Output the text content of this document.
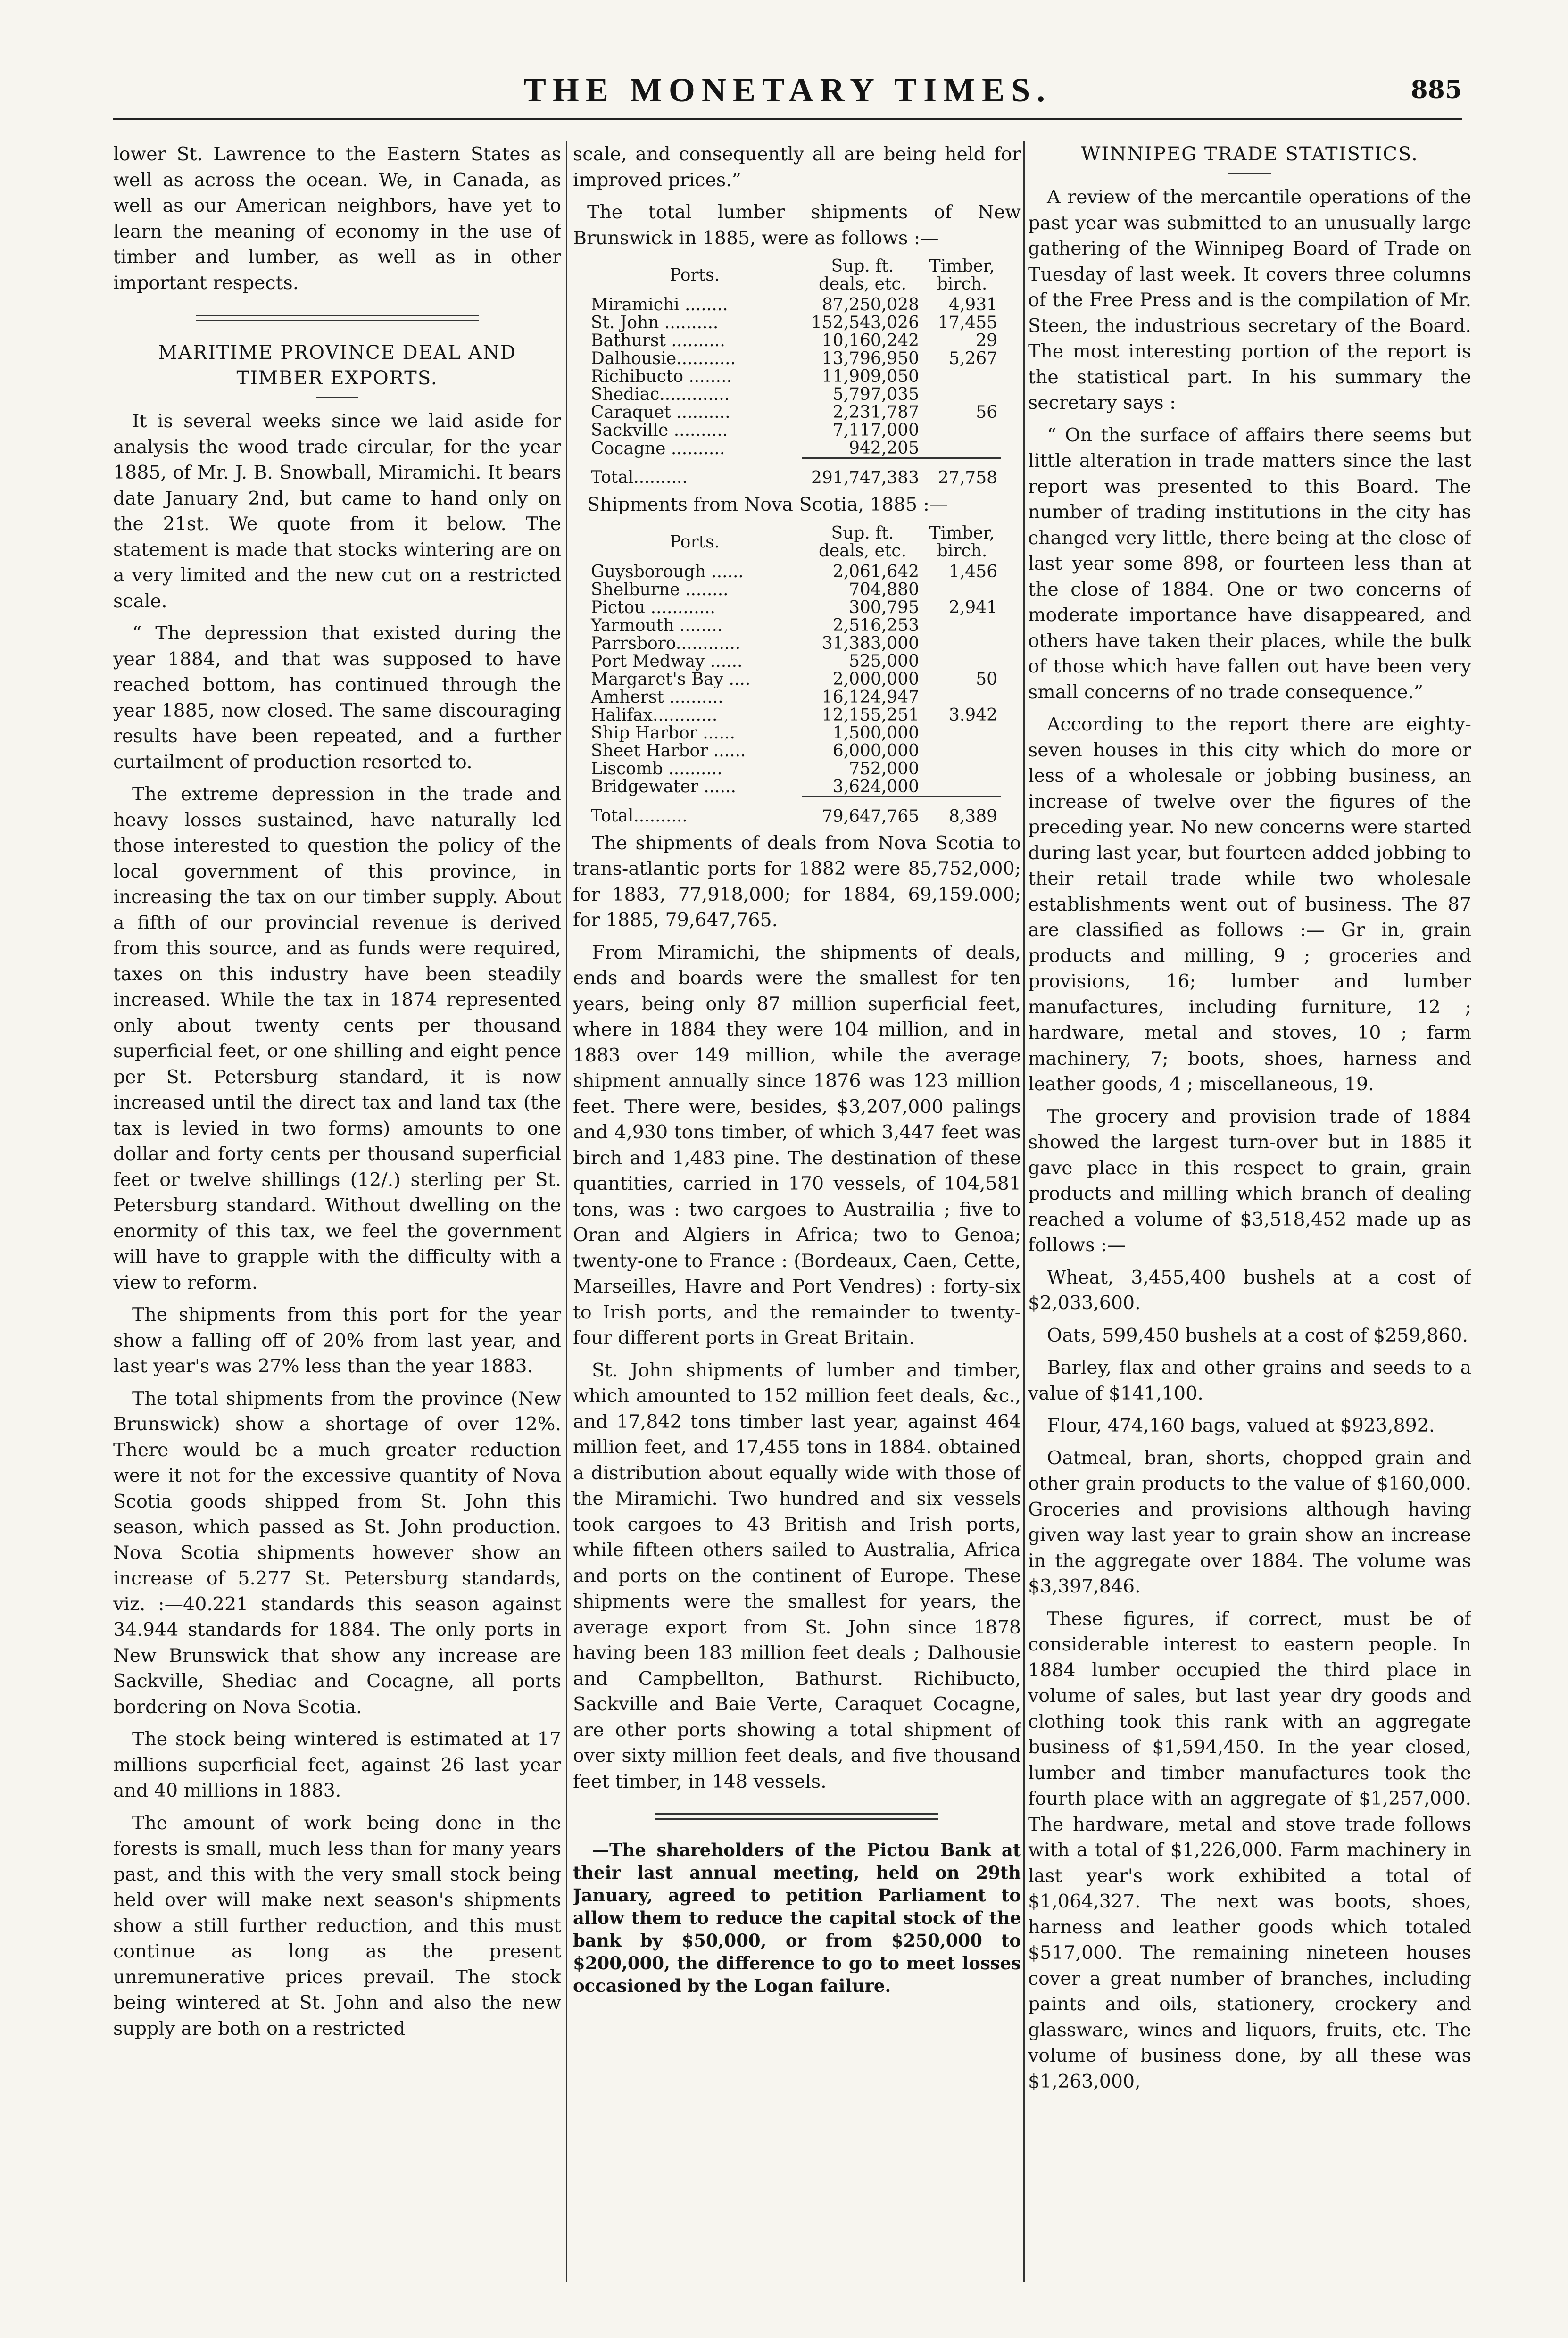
THE MONETARY TIMES.	885

lower St. Lawrence to the Eastern States as well as across the ocean. We, in Canada, as well as our American neighbors, have yet to learn the meaning of economy in the use of timber and lumber, as well as in other important respects.

MARITIME PROVINCE DEAL AND TIMBER EXPORTS.

It is several weeks since we laid aside for analysis the wood trade circular, for the year 1885, of Mr. J. B. Snowball, Miramichi. It bears date January 2nd, but came to hand only on the 21st. We quote from it below. The statement is made that stocks wintering are on a very limited and the new cut on a restricted scale.

“ The depression that existed during the year 1884, and that was supposed to have reached bottom, has continued through the year 1885, now closed. The same discouraging results have been repeated, and a further curtailment of production resorted to.

The extreme depression in the trade and heavy losses sustained, have naturally led those interested to question the policy of the local government of this province, in increasing the tax on our timber supply. About a fifth of our provincial revenue is derived from this source, and as funds were required, taxes on this industry have been steadily increased. While the tax in 1874 represented only about twenty cents per thousand superficial feet, or one shilling and eight pence per St. Petersburg standard, it is now increased until the direct tax and land tax (the tax is levied in two forms) amounts to one dollar and forty cents per thousand superficial feet or twelve shillings (12/.) sterling per St. Petersburg standard. Without dwelling on the enormity of this tax, we feel the government will have to grapple with the difficulty with a view to reform.

The shipments from this port for the year show a falling off of 20% from last year, and last year's was 27% less than the year 1883.

The total shipments from the province (New Brunswick) show a shortage of over 12%. There would be a much greater reduction were it not for the excessive quantity of Nova Scotia goods shipped from St. John this season, which passed as St. John production. Nova Scotia shipments however show an increase of 5.277 St. Petersburg standards, viz. :—40.221 standards this season against 34.944 standards for 1884. The only ports in New Brunswick that show any increase are Sackville, Shediac and Cocagne, all ports bordering on Nova Scotia.

The stock being wintered is estimated at 17 millions superficial feet, against 26 last year and 40 millions in 1883.

The amount of work being done in the forests is small, much less than for many years past, and this with the very small stock being held over will make next season's shipments show a still further reduction, and this must continue as long as the present unremunerative prices prevail. The stock being wintered at St. John and also the new supply are both on a restricted

scale, and consequently all are being held for improved prices.”

The total lumber shipments of New Brunswick in 1885, were as follows :—

Ports.	Sup. ft. deals, etc.	Timber, birch.
Miramichi ........	87,250,028	4,931
St. John ..........	152,543,026	17,455
Bathurst ..........	10,160,242	29
Dalhousie...........	13,796,950	5,267
Richibucto ........	11,909,050	
Shediac.............	5,797,035	
Caraquet ..........	2,231,787	56
Sackville ..........	7,117,000	
Cocagne ..........	942,205	
Total..........	291,747,383	27,758

Shipments from Nova Scotia, 1885 :—

Ports.	Sup. ft. deals, etc.	Timber, birch.
Guysborough ......	2,061,642	1,456
Shelburne ........	704,880	
Pictou ............	300,795	2,941
Yarmouth ........	2,516,253	
Parrsboro............	31,383,000	
Port Medway ......	525,000	
Margaret's Bay ....	2,000,000	50
Amherst ..........	16,124,947	
Halifax............	12,155,251	3.942
Ship Harbor ......	1,500,000	
Sheet Harbor ......	6,000,000	
Liscomb ..........	752,000	
Bridgewater ......	3,624,000	
Total..........	79,647,765	8,389

The shipments of deals from Nova Scotia to trans-atlantic ports for 1882 were 85,752,000; for 1883, 77,918,000; for 1884, 69,159.000; for 1885, 79,647,765.

From Miramichi, the shipments of deals, ends and boards were the smallest for ten years, being only 87 million superficial feet, where in 1884 they were 104 million, and in 1883 over 149 million, while the average shipment annually since 1876 was 123 million feet. There were, besides, $3,207,000 palings and 4,930 tons timber, of which 3,447 feet was birch and 1,483 pine. The destination of these quantities, carried in 170 vessels, of 104,581 tons, was : two cargoes to Austrailia ; five to Oran and Algiers in Africa; two to Genoa; twenty-one to France : (Bordeaux, Caen, Cette, Marseilles, Havre and Port Vendres) : forty-six to Irish ports, and the remainder to twenty-four different ports in Great Britain.

St. John shipments of lumber and timber, which amounted to 152 million feet deals, &c., and 17,842 tons timber last year, against 464 million feet, and 17,455 tons in 1884. obtained a distribution about equally wide with those of the Miramichi. Two hundred and six vessels took cargoes to 43 British and Irish ports, while fifteen others sailed to Australia, Africa and ports on the continent of Europe. These shipments were the smallest for years, the average export from St. John since 1878 having been 183 million feet deals ; Dalhousie and Campbellton, Bathurst. Richibucto, Sackville and Baie Verte, Caraquet Cocagne, are other ports showing a total shipment of over sixty million feet deals, and five thousand feet timber, in 148 vessels.

—The shareholders of the Pictou Bank at their last annual meeting, held on 29th January, agreed to petition Parliament to allow them to reduce the capital stock of the bank by $50,000, or from $250,000 to $200,000, the difference to go to meet losses occasioned by the Logan failure.

WINNIPEG TRADE STATISTICS.

A review of the mercantile operations of the past year was submitted to an unusually large gathering of the Winnipeg Board of Trade on Tuesday of last week. It covers three columns of the Free Press and is the compilation of Mr. Steen, the industrious secretary of the Board. The most interesting portion of the report is the statistical part. In his summary the secretary says :

“ On the surface of affairs there seems but little alteration in trade matters since the last report was presented to this Board. The number of trading institutions in the city has changed very little, there being at the close of last year some 898, or fourteen less than at the close of 1884. One or two concerns of moderate importance have disappeared, and others have taken their places, while the bulk of those which have fallen out have been very small concerns of no trade consequence.”

According to the report there are eighty-seven houses in this city which do more or less of a wholesale or jobbing business, an increase of twelve over the figures of the preceding year. No new concerns were started during last year, but fourteen added jobbing to their retail trade while two wholesale establishments went out of business. The 87 are classified as follows :— Gr in, grain products and milling, 9 ; groceries and provisions, 16; lumber and lumber manufactures, including furniture, 12 ; hardware, metal and stoves, 10 ; farm machinery, 7; boots, shoes, harness and leather goods, 4 ; miscellaneous, 19.

The grocery and provision trade of 1884 showed the largest turn-over but in 1885 it gave place in this respect to grain, grain products and milling which branch of dealing reached a volume of $3,518,452 made up as follows :—

Wheat, 3,455,400 bushels at a cost of $2,033,600.

Oats, 599,450 bushels at a cost of $259,860.

Barley, flax and other grains and seeds to a value of $141,100.

Flour, 474,160 bags, valued at $923,892.

Oatmeal, bran, shorts, chopped grain and other grain products to the value of $160,000. Groceries and provisions although having given way last year to grain show an increase in the aggregate over 1884. The volume was $3,397,846.

These figures, if correct, must be of considerable interest to eastern people. In 1884 lumber occupied the third place in volume of sales, but last year dry goods and clothing took this rank with an aggregate business of $1,594,450. In the year closed, lumber and timber manufactures took the fourth place with an aggregate of $1,257,000. The hardware, metal and stove trade follows with a total of $1,226,000. Farm machinery in last year's work exhibited a total of $1,064,327. The next was boots, shoes, harness and leather goods which totaled $517,000. The remaining nineteen houses cover a great number of branches, including paints and oils, stationery, crockery and glassware, wines and liquors, fruits, etc. The volume of business done, by all these was $1,263,000,
